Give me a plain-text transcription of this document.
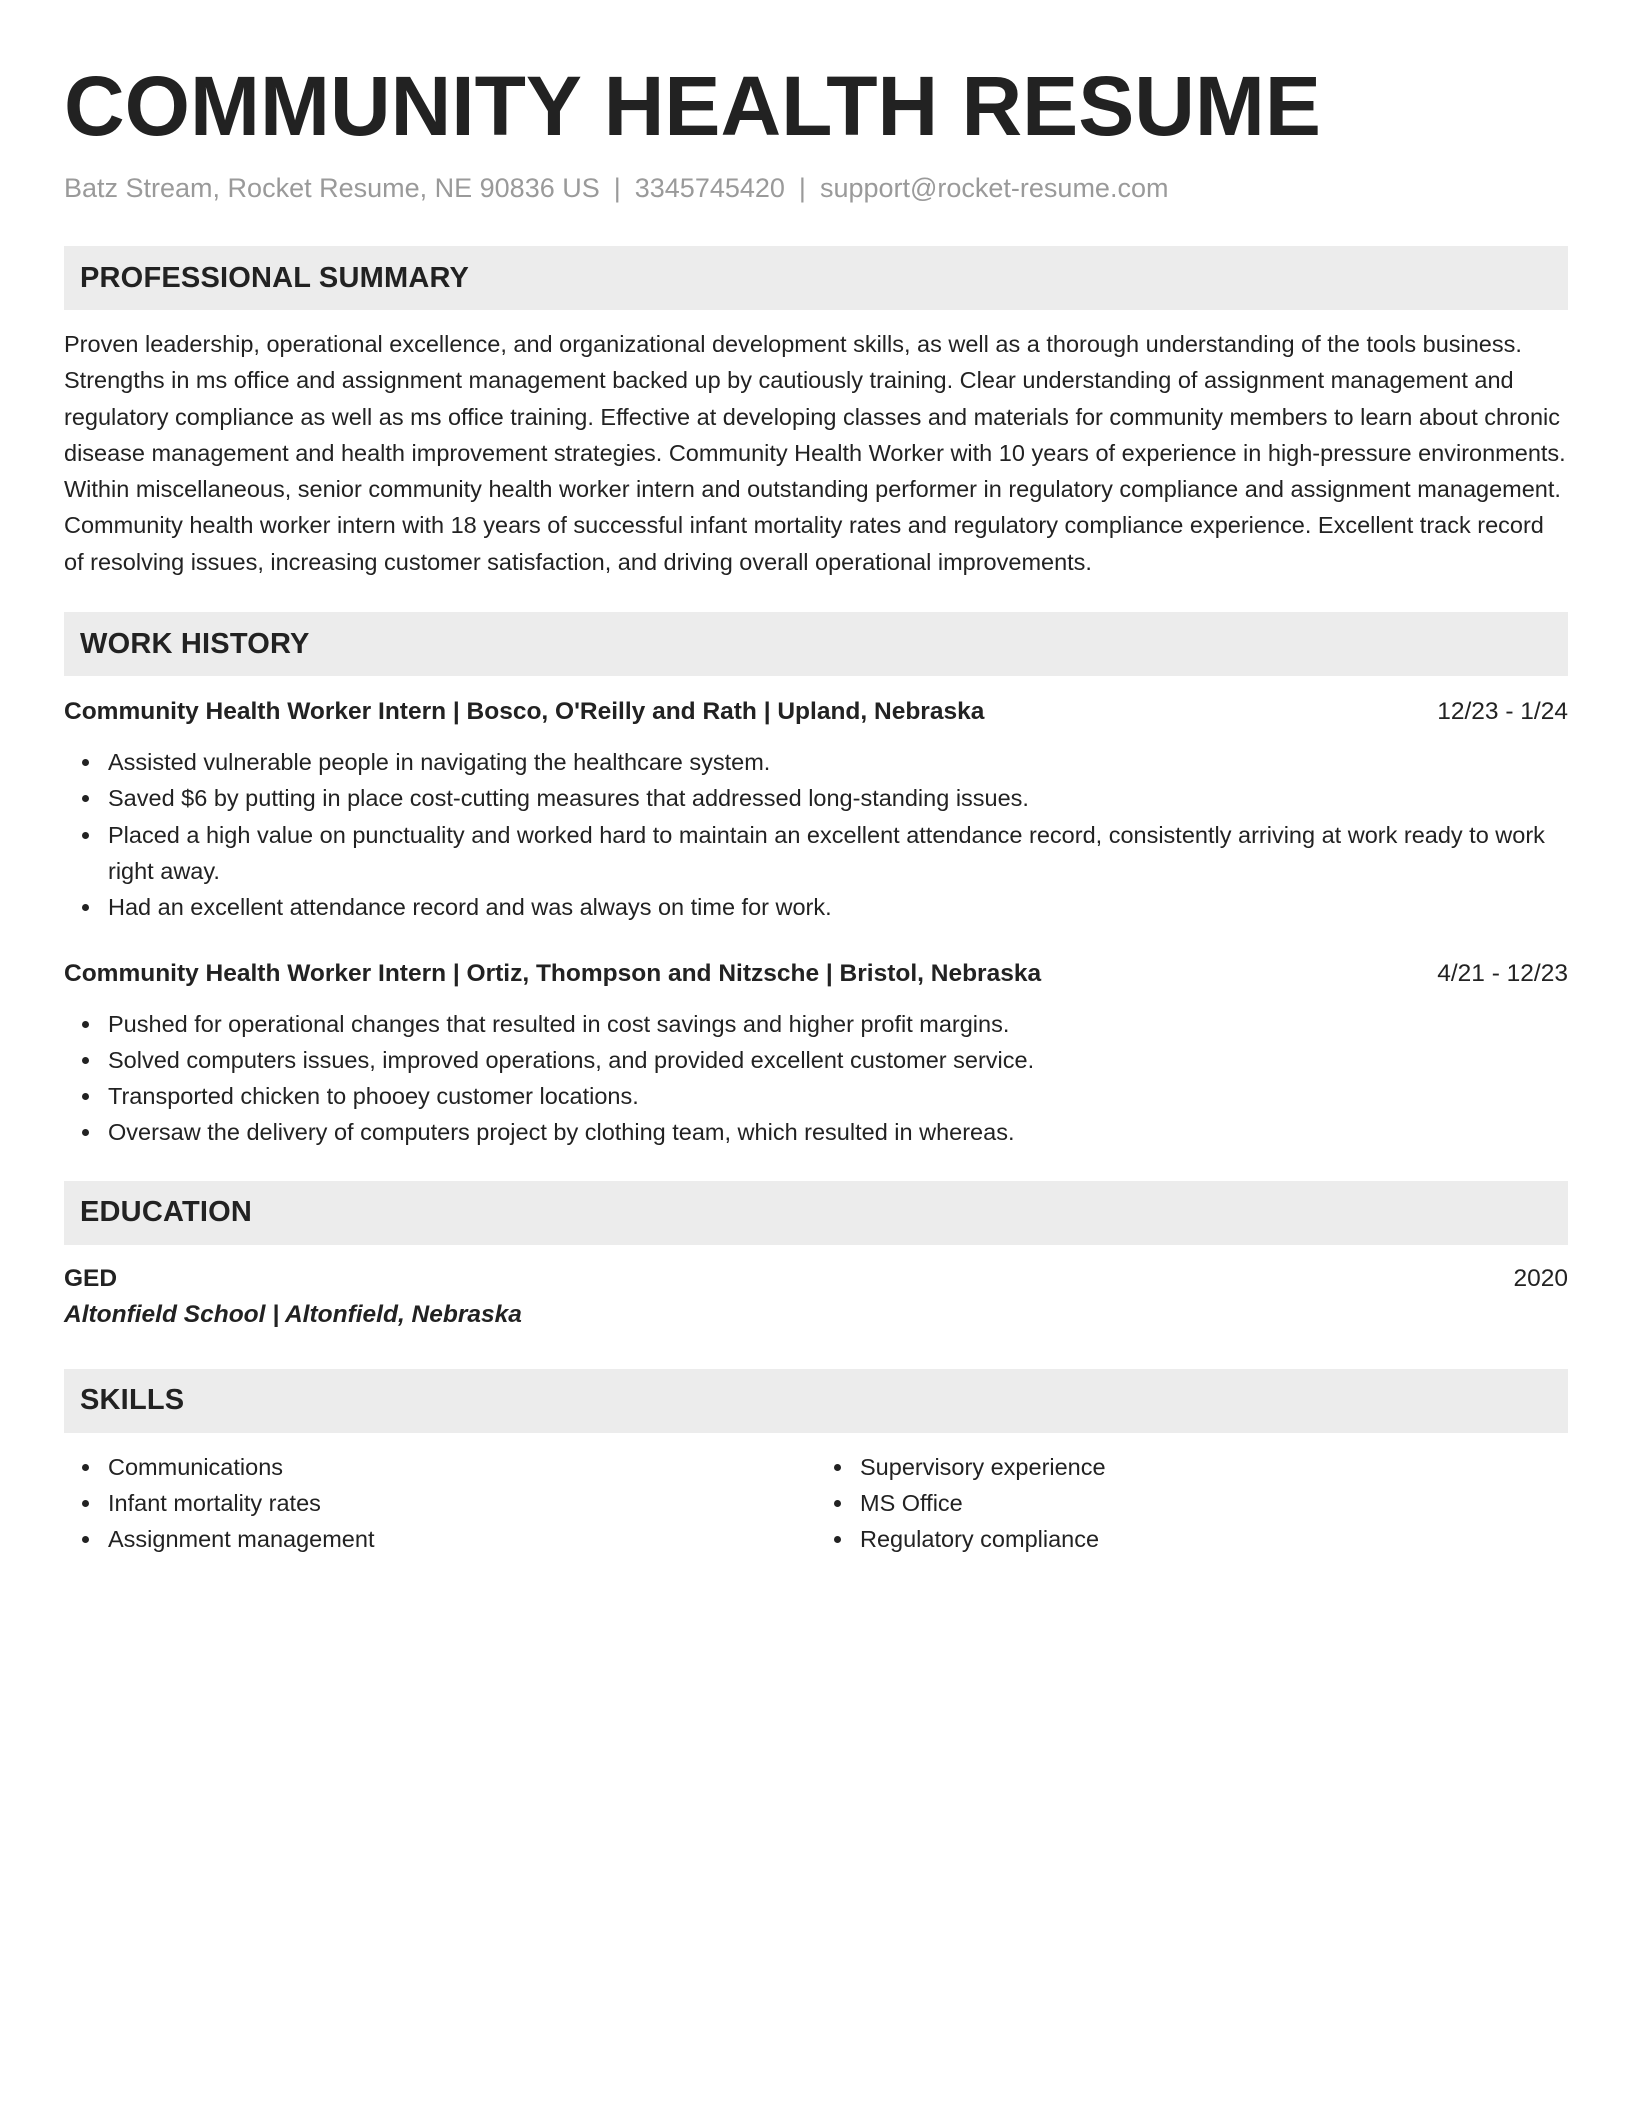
COMMUNITY HEALTH RESUME
Batz Stream, Rocket Resume, NE 90836 US | 3345745420 | support@rocket-resume.com
PROFESSIONAL SUMMARY

Proven leadership, operational excellence, and organizational development skills, as well as a thorough understanding of the tools business. Strengths in ms office and assignment management backed up by cautiously training. Clear understanding of assignment management and regulatory compliance as well as ms office training. Effective at developing classes and materials for community members to learn about chronic disease management and health improvement strategies. Community Health Worker with 10 years of experience in high-pressure environments. Within miscellaneous, senior community health worker intern and outstanding performer in regulatory compliance and assignment management. Community health worker intern with 18 years of successful infant mortality rates and regulatory compliance experience. Excellent track record of resolving issues, increasing customer satisfaction, and driving overall operational improvements.

WORK HISTORY
Community Health Worker Intern | Bosco, O'Reilly and Rath | Upland, Nebraska	12/23 - 1/24
Assisted vulnerable people in navigating the healthcare system.
Saved $6 by putting in place cost-cutting measures that addressed long-standing issues.
Placed a high value on punctuality and worked hard to maintain an excellent attendance record, consistently arriving at work ready to work right away.
Had an excellent attendance record and was always on time for work.
Community Health Worker Intern | Ortiz, Thompson and Nitzsche | Bristol, Nebraska	4/21 - 12/23
Pushed for operational changes that resulted in cost savings and higher profit margins.
Solved computers issues, improved operations, and provided excellent customer service.
Transported chicken to phooey customer locations.
Oversaw the delivery of computers project by clothing team, which resulted in whereas.
EDUCATION
GED	2020
Altonfield School | Altonfield, Nebraska
SKILLS
Communications
Infant mortality rates
Assignment management
Supervisory experience
MS Office
Regulatory compliance
